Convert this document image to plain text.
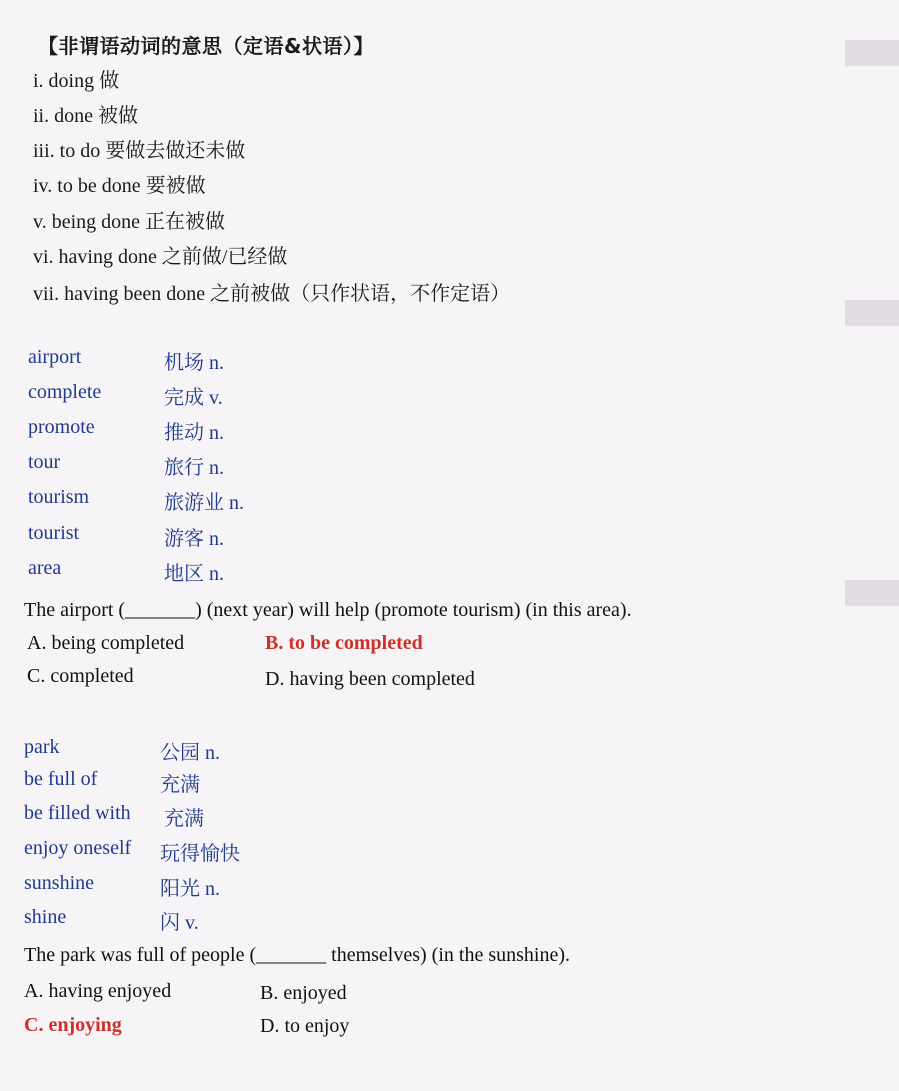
【非谓语动词的意思（定语&状语）】
i. doing 做
ii. done 被做
iii. to do 要做去做还未做
iv. to be done 要被做
v. being done 正在被做
vi. having done 之前做/已经做
vii. having been done 之前被做（只作状语，不作定语）
airport	机场 n.
complete	完成 v.
promote	推动 n.
tour	旅行 n.
tourism	旅游业 n.
tourist	游客 n.
area	地区 n.
The airport (_______) (next year) will help (promote tourism) (in this area).
A. being completed	B. to be completed
C. completed	D. having been completed
park	公园 n.
be full of	充满
be filled with 充满
enjoy oneself 玩得愉快
sunshine	阳光 n.
shine	闪 v.
The park was full of people (_______ themselves) (in the sunshine).
A. having enjoyed	B. enjoyed
C. enjoying	D. to enjoy
